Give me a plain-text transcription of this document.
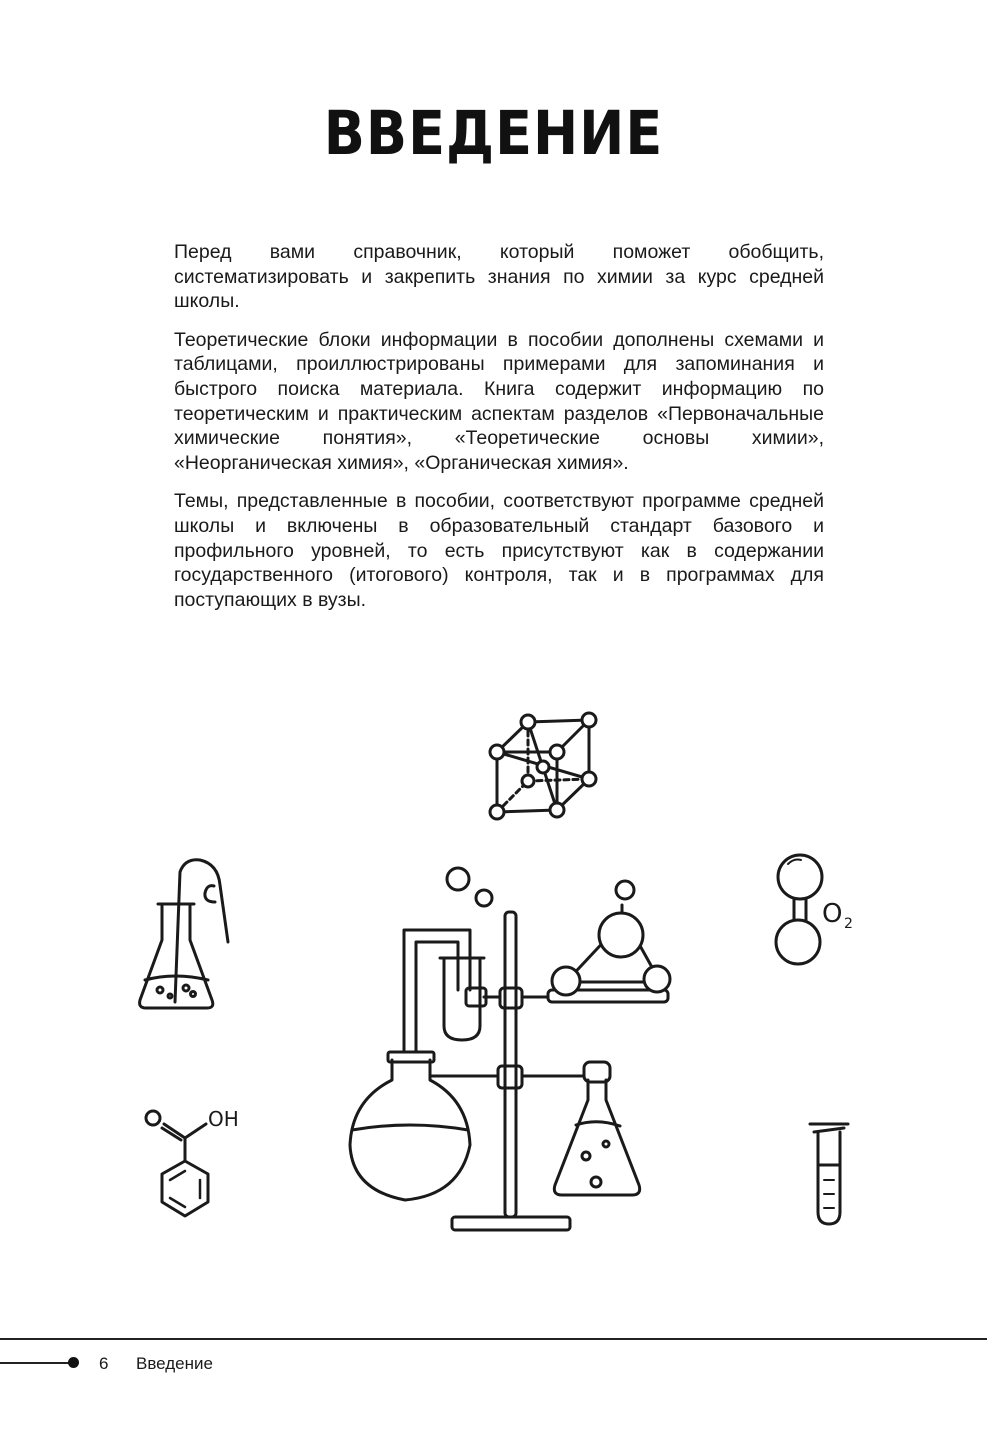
ВВЕДЕНИЕ

Перед вами справочник, который поможет обобщить, систематизировать и закрепить знания по химии за курс средней школы.

Теоретические блоки информации в пособии дополнены схемами и таблицами, проиллюстрированы примерами для запоминания и быстрого поиска материала. Книга содержит информацию по теоретическим и практическим аспектам разделов «Первоначальные химические понятия», «Теоретические основы химии», «Неорганическая химия», «Органическая химия».

Темы, представленные в пособии, соответствуют программе средней школы и включены в образовательный стандарт базового и профильного уровней, то есть присутствуют как в содержании государственного (итогового) контроля, так и в программах для поступающих в вузы.

O 2
OH
6 Введение
